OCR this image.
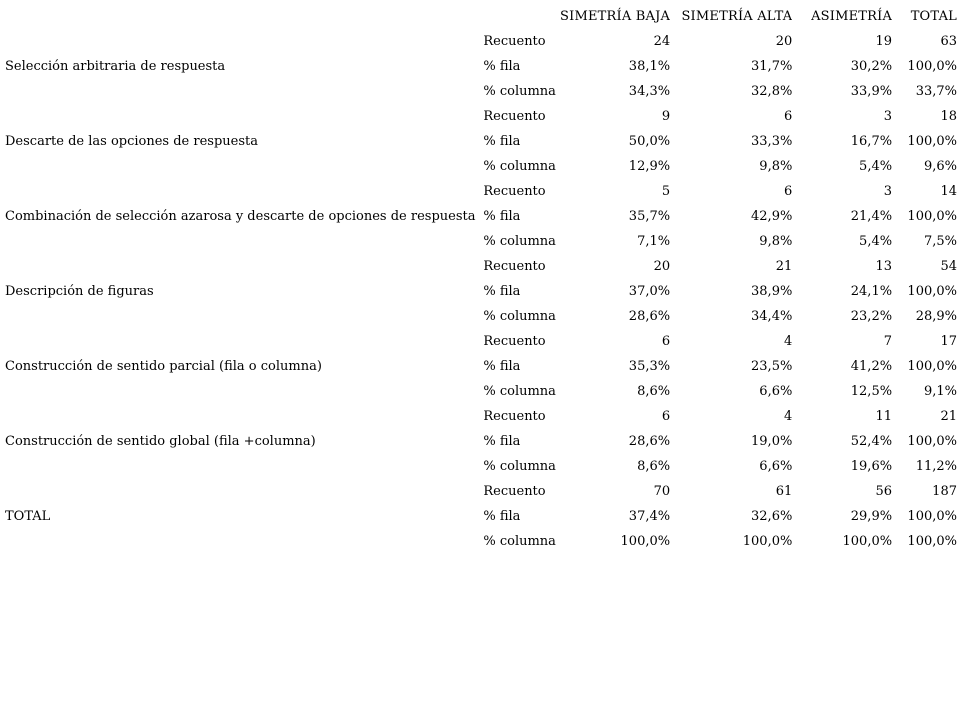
		SIMETRÍA BAJA	SIMETRÍA ALTA	ASIMETRÍA	TOTAL
	Recuento	24	20	19	63
Selección arbitraria de respuesta	% fila	38,1%	31,7%	30,2%	100,0%
	% columna	34,3%	32,8%	33,9%	33,7%
	Recuento	9	6	3	18
Descarte de las opciones de respuesta	% fila	50,0%	33,3%	16,7%	100,0%
	% columna	12,9%	9,8%	5,4%	9,6%
	Recuento	5	6	3	14
Combinación de selección azarosa y descarte de opciones de respuesta	% fila	35,7%	42,9%	21,4%	100,0%
	% columna	7,1%	9,8%	5,4%	7,5%
	Recuento	20	21	13	54
Descripción de figuras	% fila	37,0%	38,9%	24,1%	100,0%
	% columna	28,6%	34,4%	23,2%	28,9%
	Recuento	6	4	7	17
Construcción de sentido parcial (fila o columna)	% fila	35,3%	23,5%	41,2%	100,0%
	% columna	8,6%	6,6%	12,5%	9,1%
	Recuento	6	4	11	21
Construcción de sentido global (fila +columna)	% fila	28,6%	19,0%	52,4%	100,0%
	% columna	8,6%	6,6%	19,6%	11,2%
	Recuento	70	61	56	187
TOTAL	% fila	37,4%	32,6%	29,9%	100,0%
	% columna	100,0%	100,0%	100,0%	100,0%
